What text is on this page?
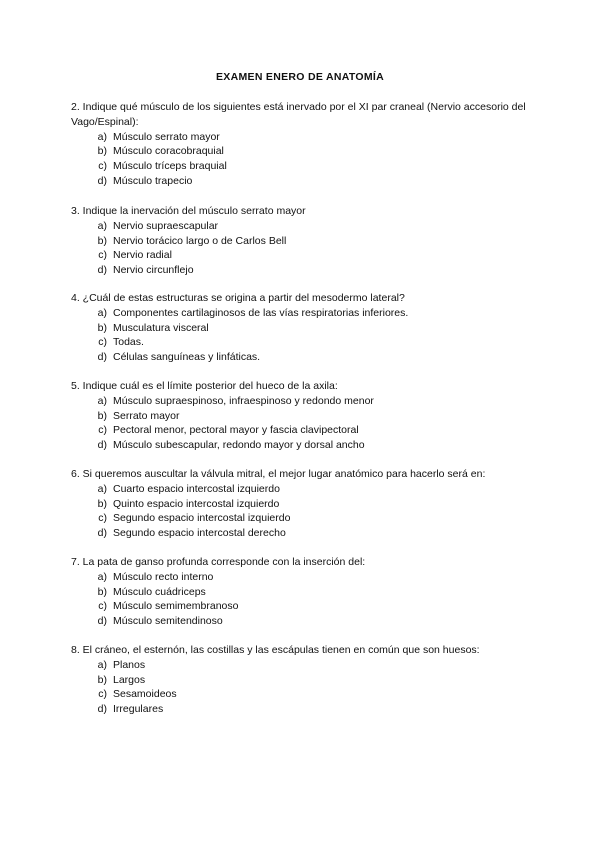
EXAMEN ENERO DE ANATOMÍA

2. Indique qué músculo de los siguientes está inervado por el XI par craneal (Nervio accesorio del Vago/Espinal):

a) Músculo serrato mayor
b) Músculo coracobraquial
c) Músculo tríceps braquial
d) Músculo trapecio

3. Indique la inervación del músculo serrato mayor

a) Nervio supraescapular
b) Nervio torácico largo o de Carlos Bell
c) Nervio radial
d) Nervio circunflejo

4. ¿Cuál de estas estructuras se origina a partir del mesodermo lateral?

a) Componentes cartilaginosos de las vías respiratorias inferiores.
b) Musculatura visceral
c) Todas.
d) Células sanguíneas y linfáticas.

5. Indique cuál es el límite posterior del hueco de la axila:

a) Músculo supraespinoso, infraespinoso y redondo menor
b) Serrato mayor
c) Pectoral menor, pectoral mayor y fascia clavipectoral
d) Músculo subescapular, redondo mayor y dorsal ancho

6. Si queremos auscultar la válvula mitral, el mejor lugar anatómico para hacerlo será en:

a) Cuarto espacio intercostal izquierdo
b) Quinto espacio intercostal izquierdo
c) Segundo espacio intercostal izquierdo
d) Segundo espacio intercostal derecho

7. La pata de ganso profunda corresponde con la inserción del:

a) Músculo recto interno
b) Músculo cuádriceps
c) Músculo semimembranoso
d) Músculo semitendinoso

8. El cráneo, el esternón, las costillas y las escápulas tienen en común que son huesos:

a) Planos
b) Largos
c) Sesamoideos
d) Irregulares
